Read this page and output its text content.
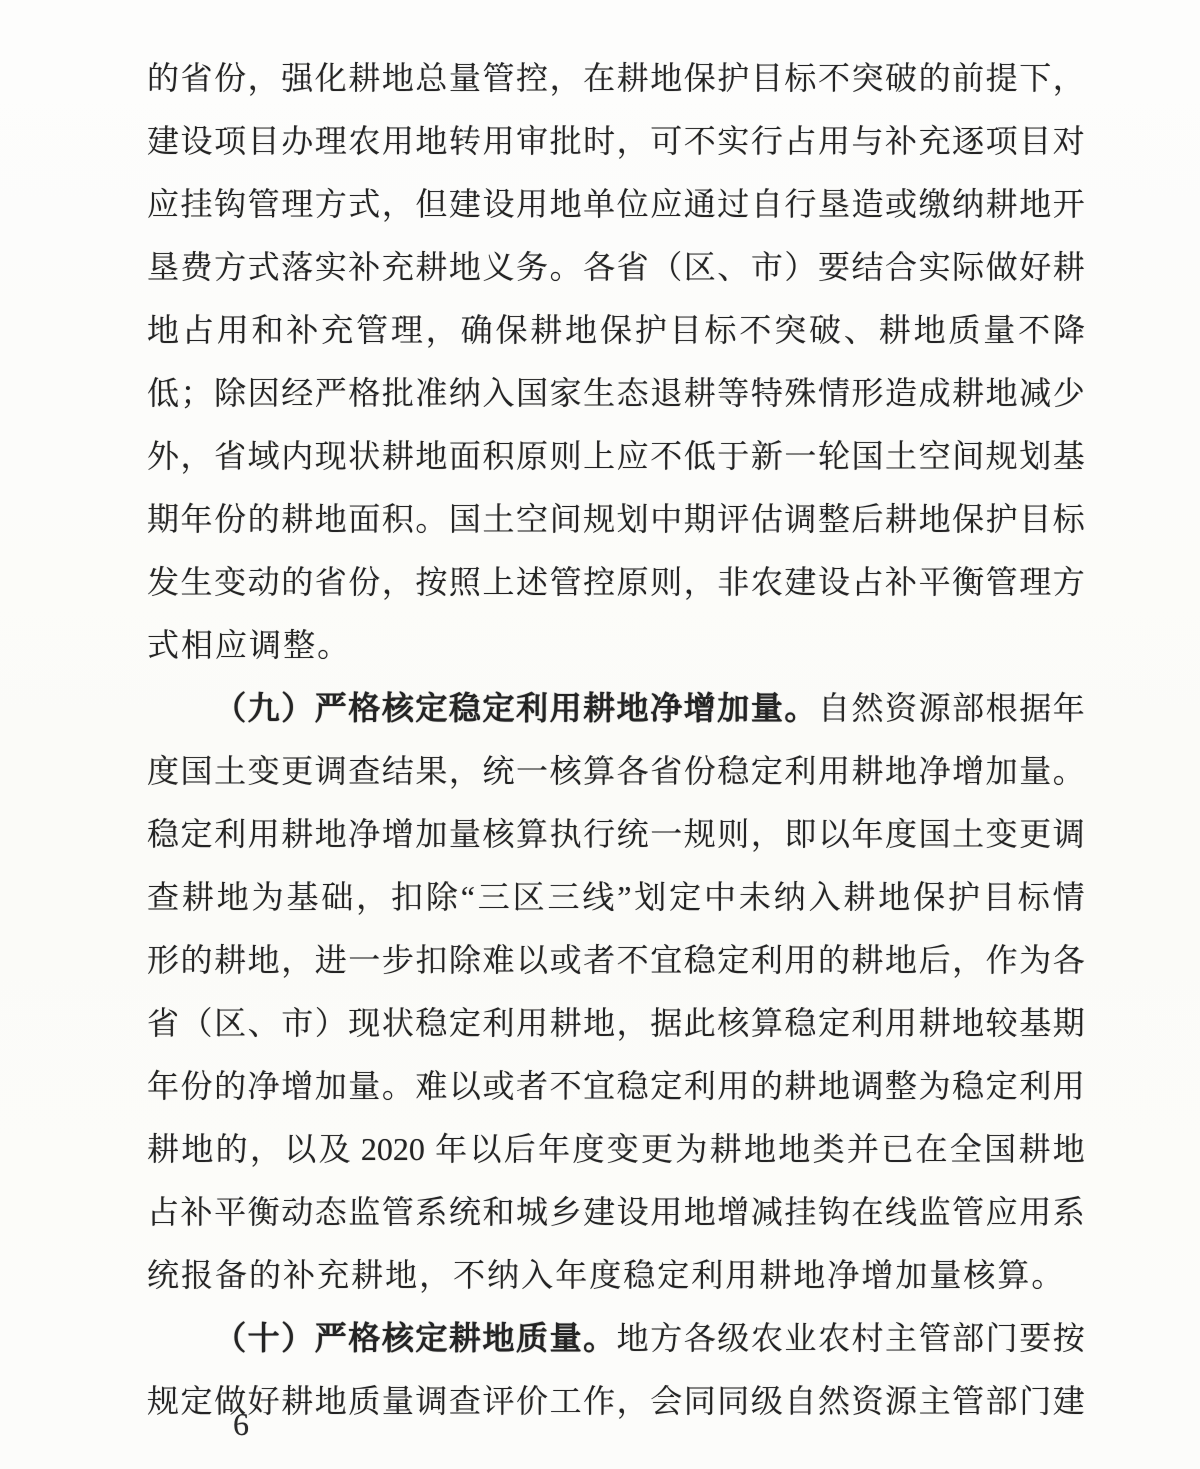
的 省 份 ， 强 化 耕 地 总 量 管 控 ， 在 耕 地 保 护 目 标 不 突 破 的 前 提 下 ，
建 设 项 目 办 理 农 用 地 转 用 审 批 时 ， 可 不 实 行 占 用 与 补 充 逐 项 目 对
应 挂 钩 管 理 方 式 ， 但 建 设 用 地 单 位 应 通 过 自 行 垦 造 或 缴 纳 耕 地 开
垦 费 方 式 落 实 补 充 耕 地 义 务 。 各 省 （ 区 、 市 ） 要 结 合 实 际 做 好 耕
地 占 用 和 补 充 管 理 ， 确 保 耕 地 保 护 目 标 不 突 破 、 耕 地 质 量 不 降
低 ； 除 因 经 严 格 批 准 纳 入 国 家 生 态 退 耕 等 特 殊 情 形 造 成 耕 地 减 少
外 ， 省 域 内 现 状 耕 地 面 积 原 则 上 应 不 低 于 新 一 轮 国 土 空 间 规 划 基
期 年 份 的 耕 地 面 积 。 国 土 空 间 规 划 中 期 评 估 调 整 后 耕 地 保 护 目 标
发 生 变 动 的 省 份 ， 按 照 上 述 管 控 原 则 ， 非 农 建 设 占 补 平 衡 管 理 方
式 相 应 调 整 。

（ 九 ） 严 格 核 定 稳 定 利 用 耕 地 净 增 加 量 。 自 然 资 源 部 根 据 年
度 国 土 变 更 调 查 结 果 ， 统 一 核 算 各 省 份 稳 定 利 用 耕 地 净 增 加 量 。
稳 定 利 用 耕 地 净 增 加 量 核 算 执 行 统 一 规 则 ， 即 以 年 度 国 土 变 更 调
查 耕 地 为 基 础 ， 扣 除 “ 三 区 三 线 ” 划 定 中 未 纳 入 耕 地 保 护 目 标 情
形 的 耕 地 ， 进 一 步 扣 除 难 以 或 者 不 宜 稳 定 利 用 的 耕 地 后 ， 作 为 各
省 （ 区 、 市 ） 现 状 稳 定 利 用 耕 地 ， 据 此 核 算 稳 定 利 用 耕 地 较 基 期
年 份 的 净 增 加 量 。 难 以 或 者 不 宜 稳 定 利 用 的 耕 地 调 整 为 稳 定 利 用
耕 地 的 ， 以 及 2020 年 以 后 年 度 变 更 为 耕 地 地 类 并 已 在 全 国 耕 地
占 补 平 衡 动 态 监 管 系 统 和 城 乡 建 设 用 地 增 减 挂 钩 在 线 监 管 应 用 系
统 报 备 的 补 充 耕 地 ， 不 纳 入 年 度 稳 定 利 用 耕 地 净 增 加 量 核 算 。

（ 十 ） 严 格 核 定 耕 地 质 量 。 地 方 各 级 农 业 农 村 主 管 部 门 要 按
规 定 做 好 耕 地 质 量 调 查 评 价 工 作 ， 会 同 同 级 自 然 资 源 主 管 部 门 建
6
